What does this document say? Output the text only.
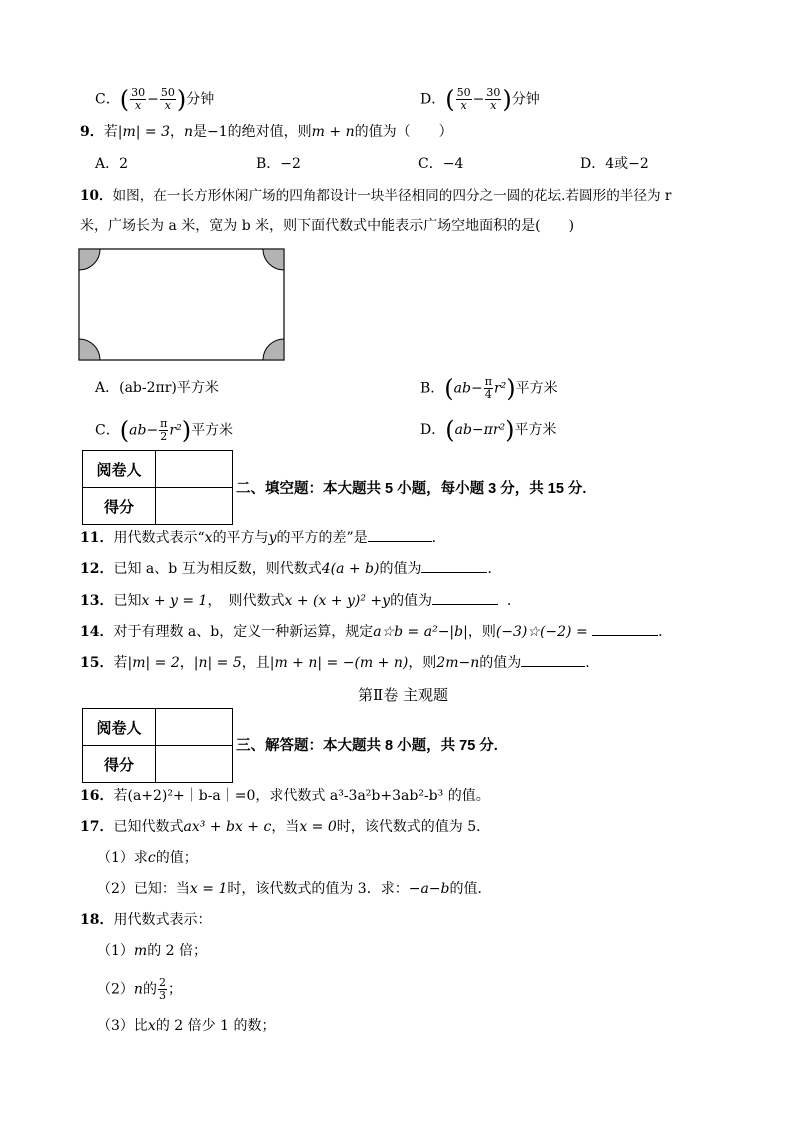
C．( $\frac{30}{x} - \frac{50}{x}$ )分钟	D．( $\frac{50}{x} - \frac{30}{x}$ )分钟
9．若|m| = 3，n是−1的绝对值，则m + n的值为（　　）
A．2	B．−2	C．−4	D．4或−2
10．如图，在一长方形休闲广场的四角都设计一块半径相同的四分之一圆的花坛.若圆形的半径为 r
米，广场长为 a 米，宽为 b 米，则下面代数式中能表示广场空地面积的是(　　)
A．(ab-2πr)平方米	B．$(ab- \frac{\pi}{4} r^2)$平方米
C．$(ab- \frac{\pi}{2} r^2)$平方米	D．(ab−πr²)平方米
阅卷人	
得分	
二、填空题：本大题共 5 小题，每小题 3 分，共 15 分.
11．用代数式表示“x的平方与y的平方的差”是	．
12．已知 a、b 互为相反数，则代数式4(a + b)的值为	．
13．已知x + y = 1，　则代数式x + (x + y)² +y的值为	．
14．对于有理数 a、b，定义一种新运算，规定a☆b = a²−|b|，则(−3)☆(−2) =	．
15．若|m| = 2，|n| = 5，且|m + n| = −(m + n)，则2m−n的值为	．
第Ⅱ卷 主观题
阅卷人	
得分	
三、解答题：本大题共 8 小题，共 75 分.
16．若(a+2)²+｜b-a｜=0，求代数式 a³-3a²b+3ab²-b³ 的值。
17．已知代数式ax³ + bx + c，当x = 0时，该代数式的值为 5．
（1）求c的值；
（2）已知：当x = 1时，该代数式的值为 3．求：−a−b的值．
18．用代数式表示：
（1）m的 2 倍；
（2）n的 $\frac{2}{3}$ ；
（3）比x的 2 倍少 1 的数；
